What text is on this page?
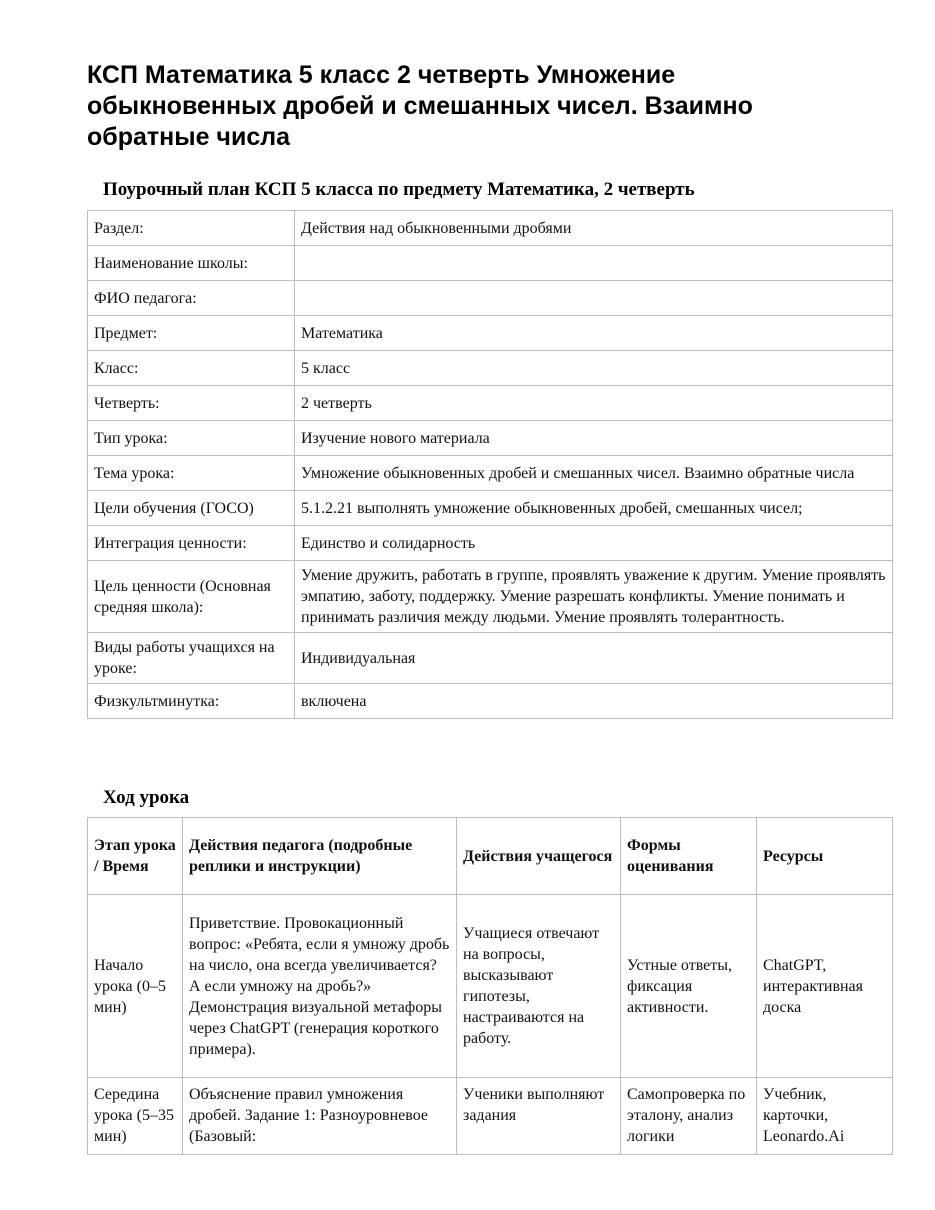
КСП Математика 5 класс 2 четверть Умножение обыкновенных дробей и смешанных чисел. Взаимно обратные числа
Поурочный план КСП 5 класса по предмету Математика, 2 четверть
Раздел:	Действия над обыкновенными дробями
Наименование школы:	
ФИО педагога:	
Предмет:	Математика
Класс:	5 класс
Четверть:	2 четверть
Тип урока:	Изучение нового материала
Тема урока:	Умножение обыкновенных дробей и смешанных чисел. Взаимно обратные числа
Цели обучения (ГОСО)	5.1.2.21 выполнять умножение обыкновенных дробей, смешанных чисел;
Интеграция ценности:	Единство и солидарность
Цель ценности (Основная средняя школа):	Умение дружить, работать в группе, проявлять уважение к другим. Умение проявлять эмпатию, заботу, поддержку. Умение разрешать конфликты. Умение понимать и принимать различия между людьми. Умение проявлять толерантность.
Виды работы учащихся на уроке:	Индивидуальная
Физкультминутка:	включена
Ход урока
Этап урока / Время	Действия педагога (подробные реплики и инструкции)	Действия учащегося	Формы оценивания	Ресурсы
Начало урока (0–5 мин)	Приветствие. Провокационный вопрос: «Ребята, если я умножу дробь на число, она всегда увеличивается? А если умножу на дробь?» Демонстрация визуальной метафоры через ChatGPT (генерация короткого примера).	Учащиеся отвечают на вопросы, высказывают гипотезы, настраиваются на работу.	Устные ответы, фиксация активности.	ChatGPT, интерактивная доска
Середина урока (5–35 мин)	Объяснение правил умножения дробей. Задание 1: Разноуровневое (Базовый:	Ученики выполняют задания	Самопроверка по эталону, анализ логики	Учебник, карточки, Leonardo.Ai
